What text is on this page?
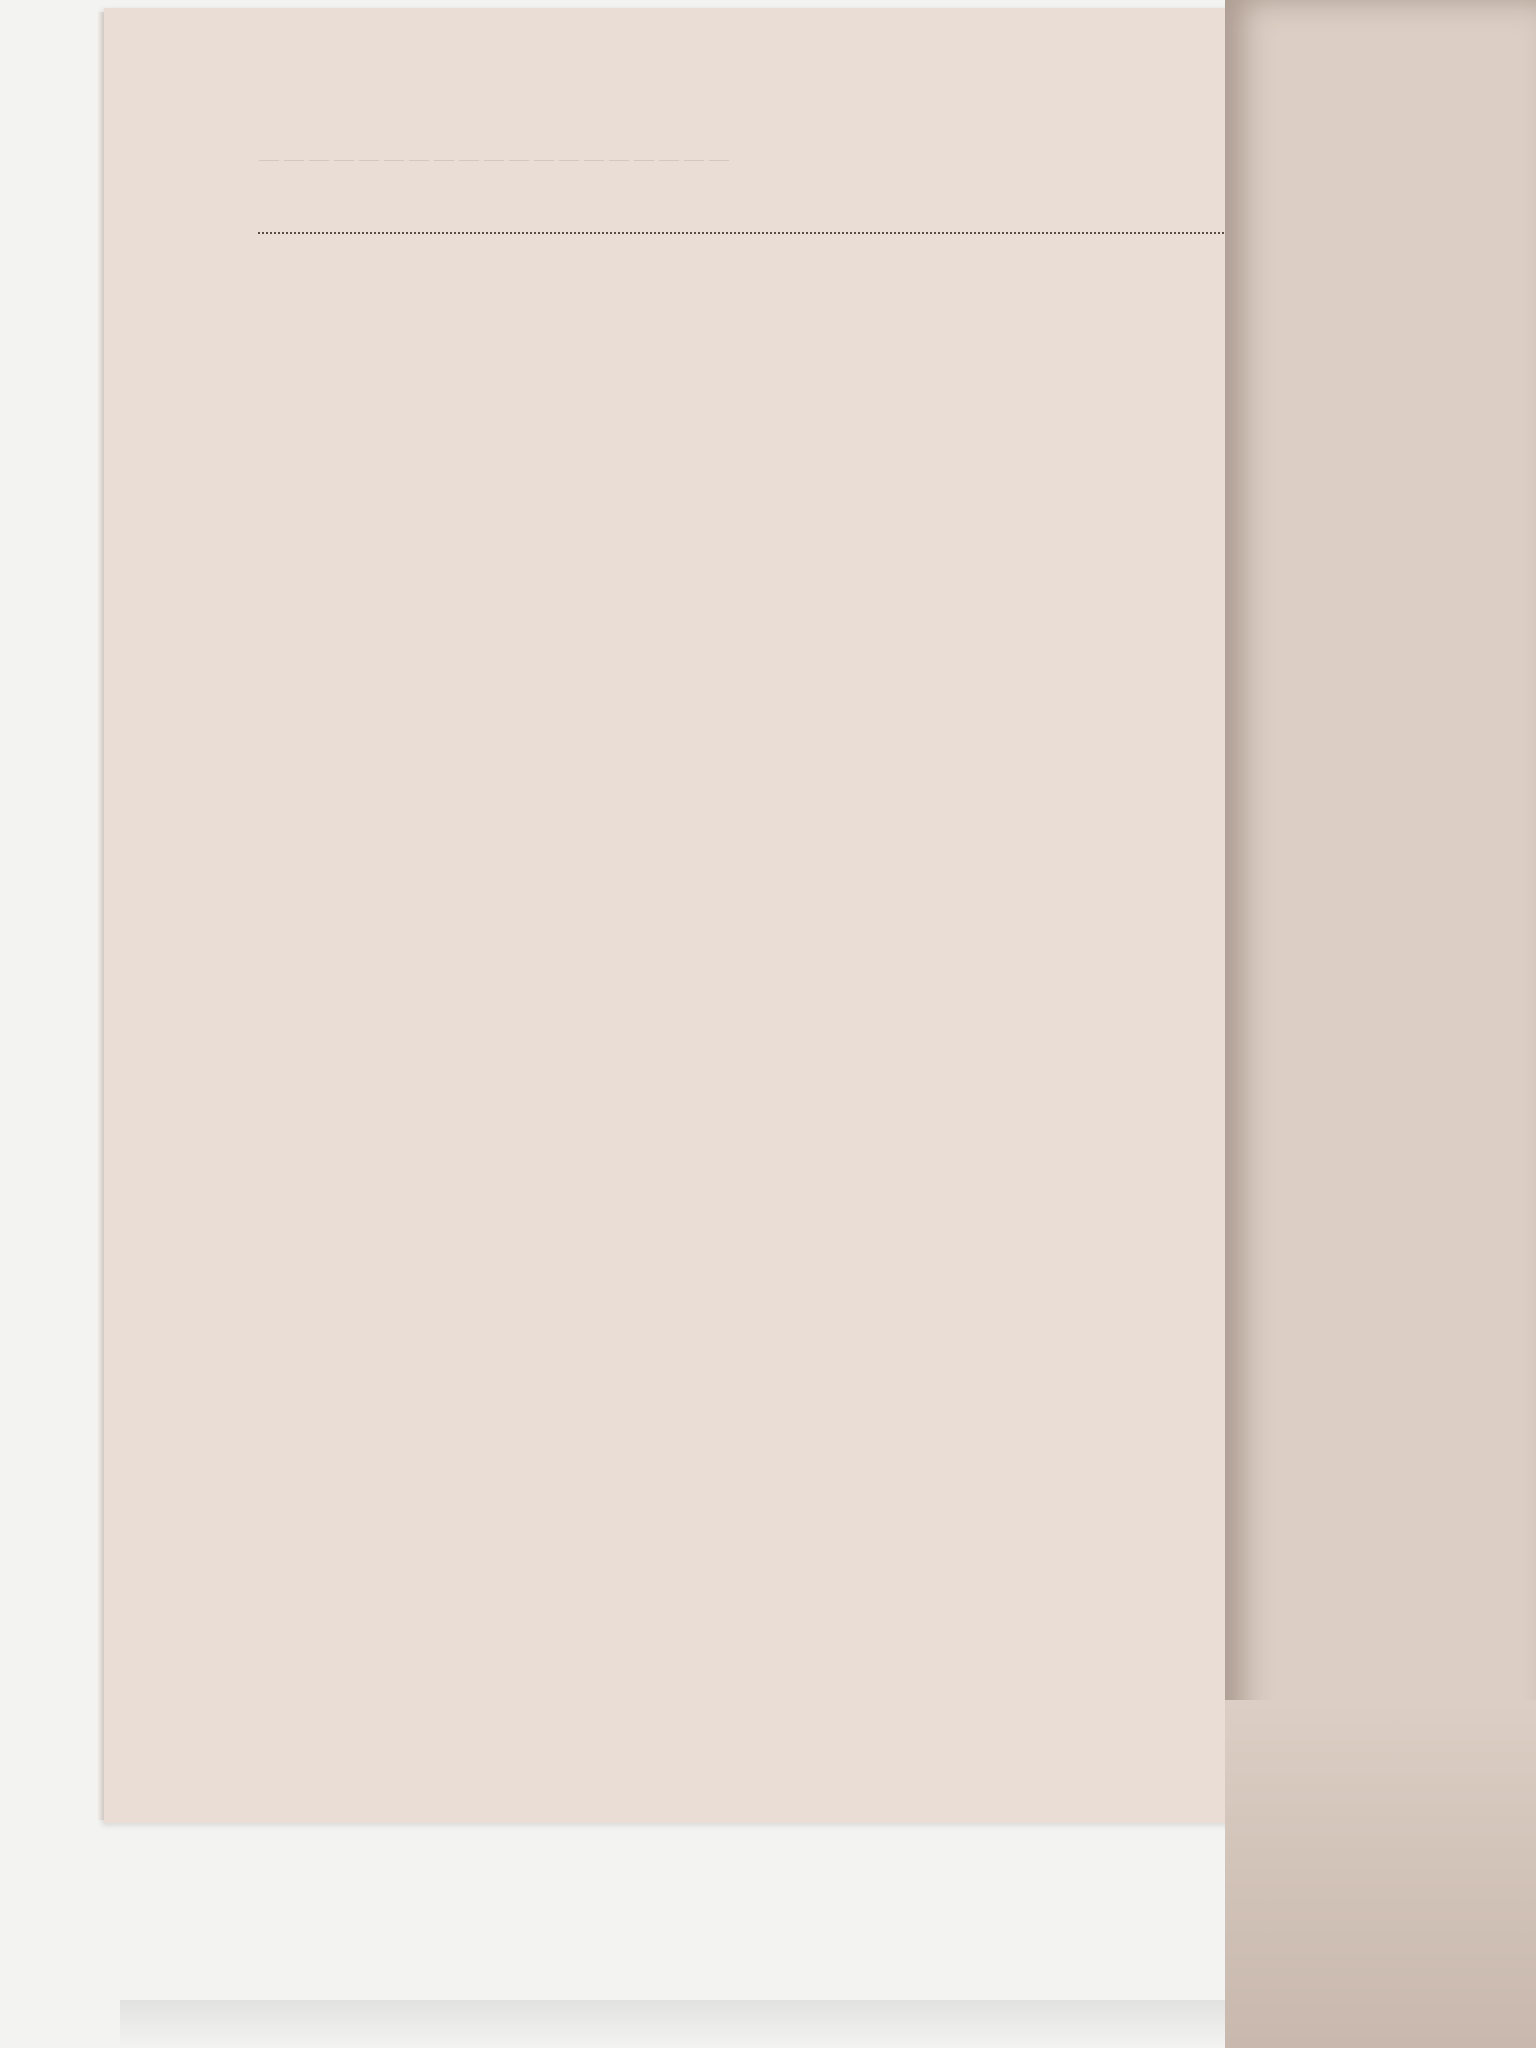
— — — — — — — — — — — — — — — — — — —
